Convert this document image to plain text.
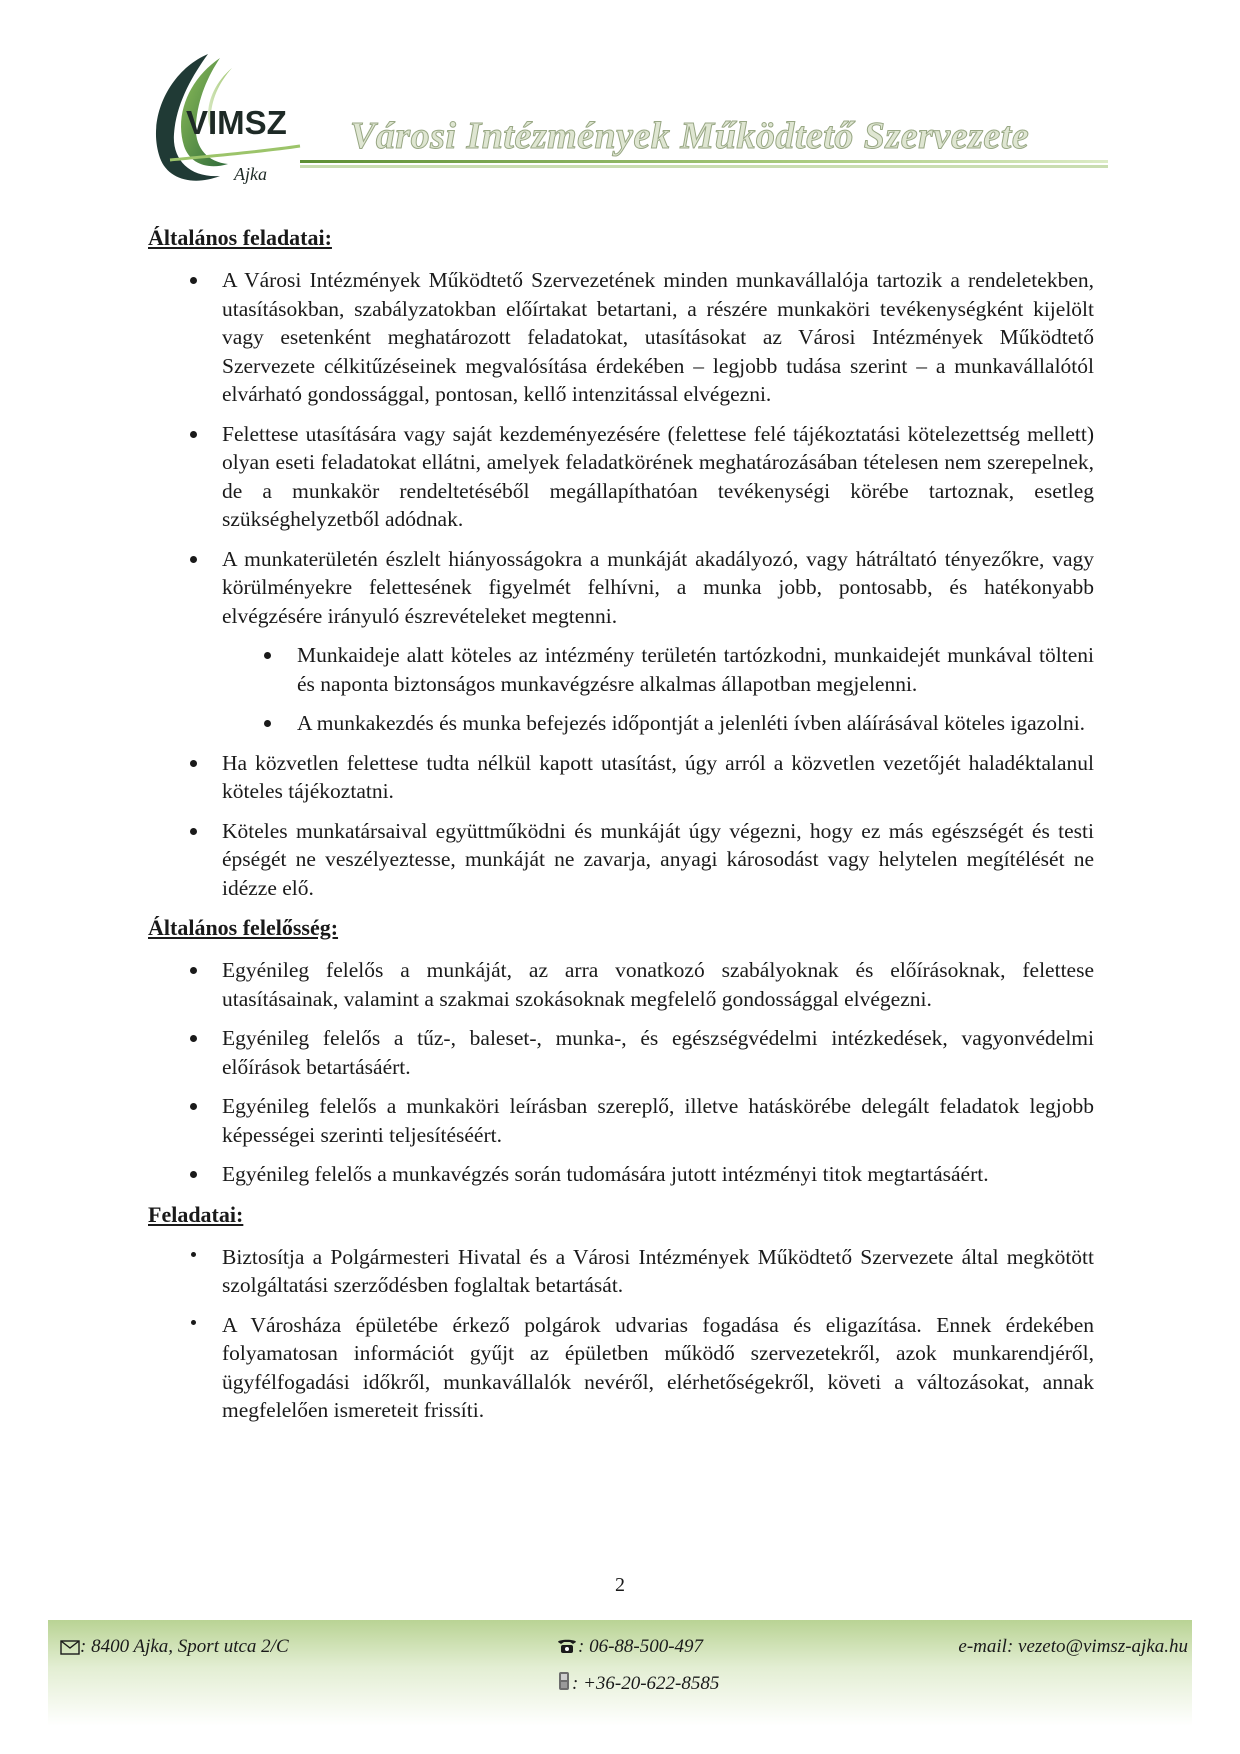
VIMSZ
Ajka
Városi Intézmények Működtető Szervezete
Általános feladatai:
A Városi Intézmények Működtető Szervezetének minden munkavállalója tartozik a rendeletekben, utasításokban, szabályzatokban előírtakat betartani, a részére munkaköri tevékenységként kijelölt vagy esetenként meghatározott feladatokat, utasításokat az Városi Intézmények Működtető Szervezete célkitűzéseinek megvalósítása érdekében – legjobb tudása szerint – a munkavállalótól elvárható gondossággal, pontosan, kellő intenzitással elvégezni.
Felettese utasítására vagy saját kezdeményezésére (felettese felé tájékoztatási kötelezettség mellett) olyan eseti feladatokat ellátni, amelyek feladatkörének meghatározásában tételesen nem szerepelnek, de a munkakör rendeltetéséből megállapíthatóan tevékenységi körébe tartoznak, esetleg szükséghelyzetből adódnak.
A munkaterületén észlelt hiányosságokra a munkáját akadályozó, vagy hátráltató tényezőkre, vagy körülményekre felettesének figyelmét felhívni, a munka jobb, pontosabb, és hatékonyabb elvégzésére irányuló észrevételeket megtenni.
Munkaideje alatt köteles az intézmény területén tartózkodni, munkaidejét munkával tölteni és naponta biztonságos munkavégzésre alkalmas állapotban megjelenni.
A munkakezdés és munka befejezés időpontját a jelenléti ívben aláírásával köteles igazolni.
Ha közvetlen felettese tudta nélkül kapott utasítást, úgy arról a közvetlen vezetőjét haladéktalanul köteles tájékoztatni.
Köteles munkatársaival együttműködni és munkáját úgy végezni, hogy ez más egészségét és testi épségét ne veszélyeztesse, munkáját ne zavarja, anyagi károsodást vagy helytelen megítélését ne idézze elő.
Általános felelősség:
Egyénileg felelős a munkáját, az arra vonatkozó szabályoknak és előírásoknak, felettese utasításainak, valamint a szakmai szokásoknak megfelelő gondossággal elvégezni.
Egyénileg felelős a tűz-, baleset-, munka-, és egészségvédelmi intézkedések, vagyonvédelmi előírások betartásáért.
Egyénileg felelős a munkaköri leírásban szereplő, illetve hatáskörébe delegált feladatok legjobb képességei szerinti teljesítéséért.
Egyénileg felelős a munkavégzés során tudomására jutott intézményi titok megtartásáért.
Feladatai:
Biztosítja a Polgármesteri Hivatal és a Városi Intézmények Működtető Szervezete által megkötött szolgáltatási szerződésben foglaltak betartását.
A Városháza épületébe érkező polgárok udvarias fogadása és eligazítása. Ennek érdekében folyamatosan információt gyűjt az épületben működő szervezetekről, azok munkarendjéről, ügyfélfogadási időkről, munkavállalók nevéről, elérhetőségekről, követi a változásokat, annak megfelelően ismereteit frissíti.
2
: 8400 Ajka, Sport utca 2/C	: 06-88-500-497
: +36-20-622-8585
e-mail: vezeto@vimsz-ajka.hu
